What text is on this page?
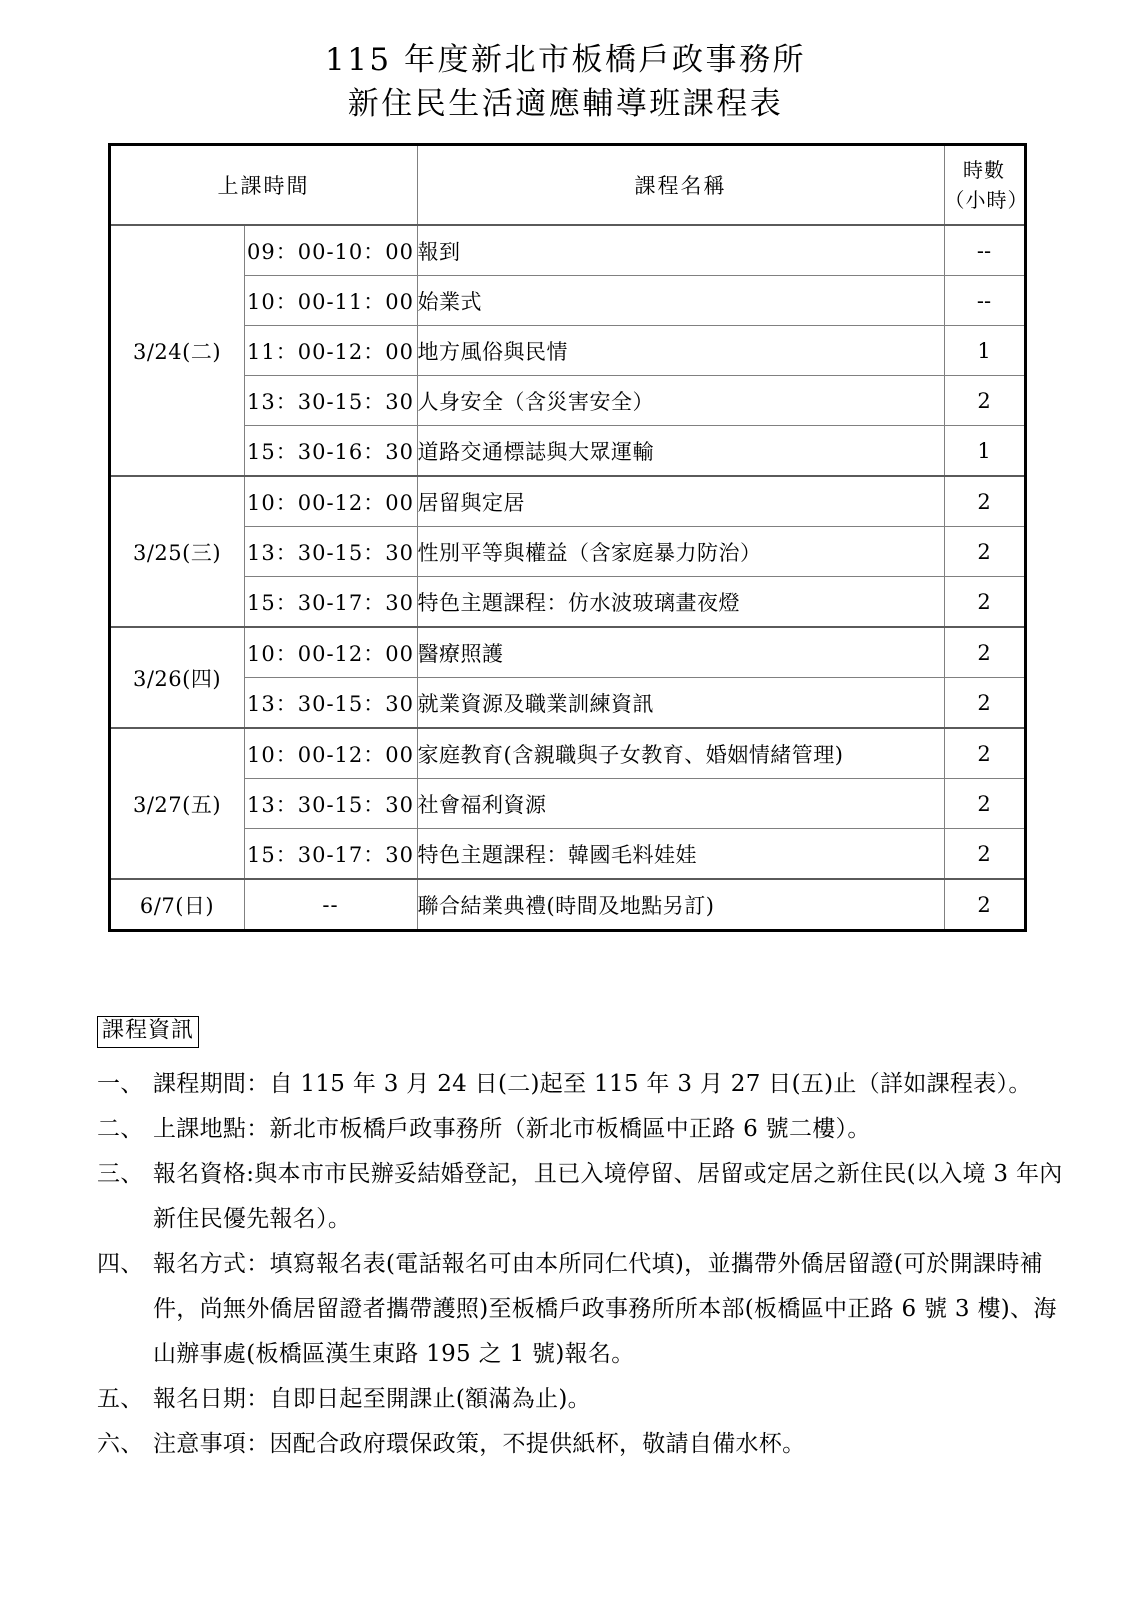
115 年度新北市板橋戶政事務所
新住民生活適應輔導班課程表
上課時間		課程名稱	時數
（小時）

3/24(二)	09：00-10：00	報到	--
	10：00-11：00	始業式	--
	11：00-12：00	地方風俗與民情	1
	13：30-15：30	人身安全（含災害安全）	2
	15：30-16：30	道路交通標誌與大眾運輸	1
3/25(三)	10：00-12：00	居留與定居	2
	13：30-15：30	性別平等與權益（含家庭暴力防治）	2
	15：30-17：30	特色主題課程：仿水波玻璃畫夜燈	2
3/26(四)	10：00-12：00	醫療照護	2
	13：30-15：30	就業資源及職業訓練資訊	2
3/27(五)	10：00-12：00	家庭教育(含親職與子女教育、婚姻情緒管理)	2
	13：30-15：30	社會福利資源	2
	15：30-17：30	特色主題課程：韓國毛料娃娃	2
6/7(日)	--	聯合結業典禮(時間及地點另訂)	2
課程資訊
一、 課程期間：自 115 年 3 月 24 日(二)起至 115 年 3 月 27 日(五)止（詳如課程表）。
二、 上課地點：新北市板橋戶政事務所（新北市板橋區中正路 6 號二樓）。
三、 報名資格:與本市市民辦妥結婚登記，且已入境停留、居留或定居之新住民(以入境 3 年內新住民優先報名）。
四、 報名方式：填寫報名表(電話報名可由本所同仁代填)，並攜帶外僑居留證(可於開課時補件，尚無外僑居留證者攜帶護照)至板橋戶政事務所所本部(板橋區中正路 6 號 3 樓)、海山辦事處(板橋區漢生東路 195 之 1 號)報名。
五、 報名日期：自即日起至開課止(額滿為止)。
六、 注意事項：因配合政府環保政策，不提供紙杯，敬請自備水杯。
